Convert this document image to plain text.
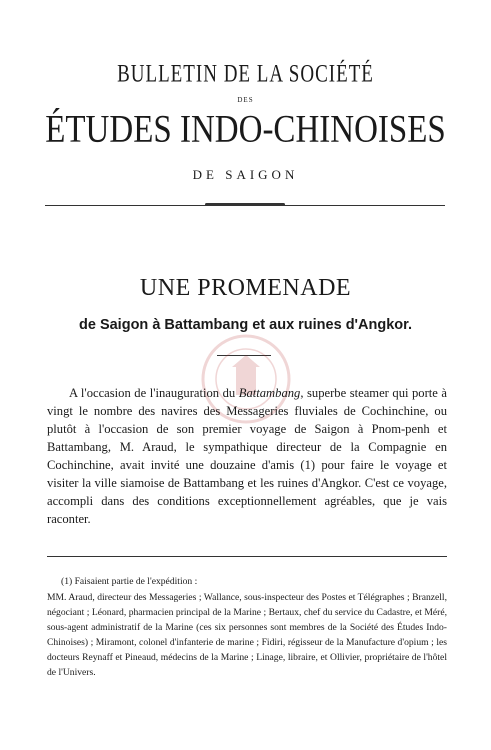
BULLETIN DE LA SOCIÉTÉ
DES
ÉTUDES INDO-CHINOISES
DE SAIGON
UNE PROMENADE
de Saigon à Battambang et aux ruines d'Angkor.
A l'occasion de l'inauguration du Battambang, superbe steamer qui porte à vingt le nombre des navires des Messageries fluviales de Cochinchine, ou plutôt à l'occasion de son premier voyage de Saigon à Pnom-penh et Battambang, M. Araud, le sympathique directeur de la Compagnie en Cochinchine, avait invité une douzaine d'amis (1) pour faire le voyage et visiter la ville siamoise de Battambang et les ruines d'Angkor. C'est ce voyage, accompli dans des conditions exceptionnellement agréables, que je vais raconter.

(1) Faisaient partie de l'expédition :

MM. Araud, directeur des Messageries ; Wallance, sous-inspecteur des Postes et Télégraphes ; Branzell, négociant ; Léonard, pharmacien principal de la Marine ; Bertaux, chef du service du Cadastre, et Méré, sous-agent administratif de la Marine (ces six personnes sont membres de la Société des Études Indo-Chinoises) ; Miramont, colonel d'infanterie de marine ; Fidiri, régisseur de la Manufacture d'opium ; les docteurs Reynaff et Pineaud, médecins de la Marine ; Linage, libraire, et Ollivier, propriétaire de l'hôtel de l'Univers.
